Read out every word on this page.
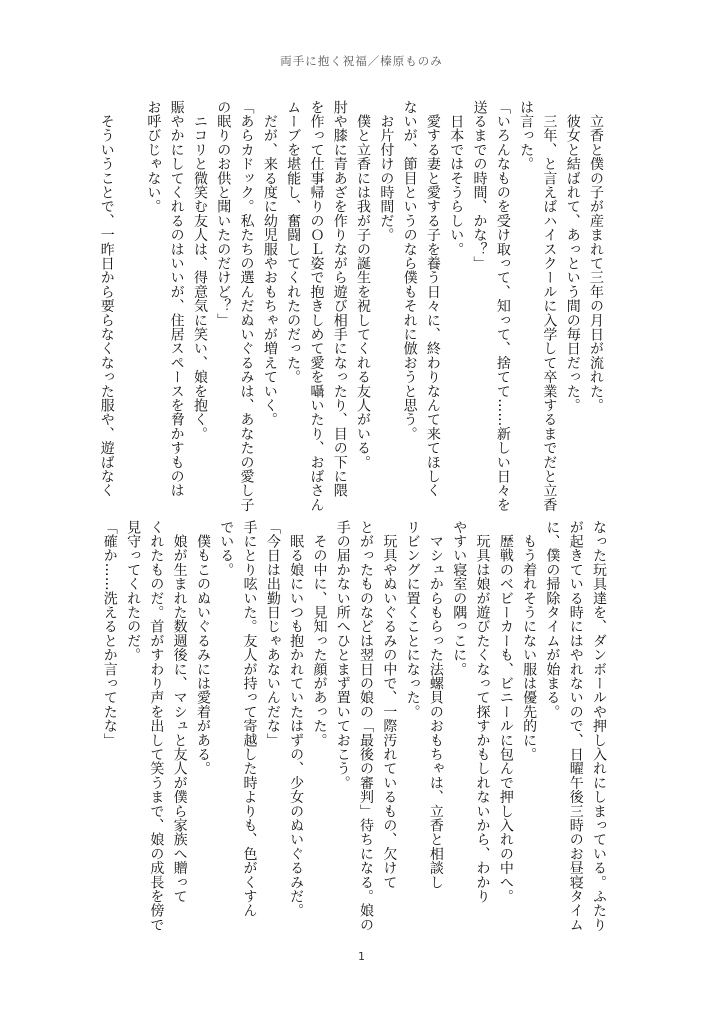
両手に抱く祝福／榛原ものみ
　立香と僕の子が産まれて三年の月日が流れた。
　彼女と結ばれて、あっという間の毎日だった。
　三年、と言えばハイスクールに入学して卒業するまでだと立香
は言った。
「いろんなものを受け取って、知って、捨てて……新しい日々を
送るまでの時間、かな？」
　日本ではそうらしい。
　愛する妻と愛する子を養う日々に、終わりなんて来てほしく
ないが、節目というのなら僕もそれに倣おうと思う。
　お片付けの時間だ。
　僕と立香には我が子の誕生を祝してくれる友人がいる。
肘や膝に青あざを作りながら遊び相手になったり、目の下に隈
を作って仕事帰りのＯＬ姿で抱きしめて愛を囁いたり、おばさん
ムーブを堪能し、奮闘してくれたのだった。
　だが、来る度に幼児服やおもちゃが増えていく。
「あらカドック。私たちの選んだぬいぐるみは、あなたの愛し子
の眠りのお供と聞いたのだけど？」
　ニコリと微笑む友人は、得意気に笑い、娘を抱く。
賑やかにしてくれるのはいいが、住居スペースを脅かすものは
お呼びじゃない。
　そういうことで、一昨日から要らなくなった服や、遊ばなく
なった玩具達を、ダンボールや押し入れにしまっている。ふたり
が起きている時にはやれないので、日曜午後三時のお昼寝タイム
に、僕の掃除タイムが始まる。
　もう着れそうにない服は優先的に。
　歴戦のベビーカーも、ビニールに包んで押し入れの中へ。
　玩具は娘が遊びたくなって探すかもしれないから、わかり
やすい寝室の隅っこに。
　マシュからもらった法螺貝のおもちゃは、立香と相談し
リビングに置くことになった。
　玩具やぬいぐるみの中で、一際汚れているもの、欠けて
とがったものなどは翌日の娘の「最後の審判」待ちになる。娘の
手の届かない所へひとまず置いておこう。
　その中に、見知った顔があった。
　眠る娘にいつも抱かれていたはずの、少女のぬいぐるみだ。
「今日は出勤日じゃあないんだな」
手にとり呟いた。友人が持って寄越した時よりも、色がくすん
でいる。
　僕もこのぬいぐるみには愛着がある。
　娘が生まれた数週後に、マシュと友人が僕ら家族へ贈って
くれたものだ。首がすわり声を出して笑うまで、娘の成長を傍で
見守ってくれたのだ。
「確か……洗えるとか言ってたな」
1
